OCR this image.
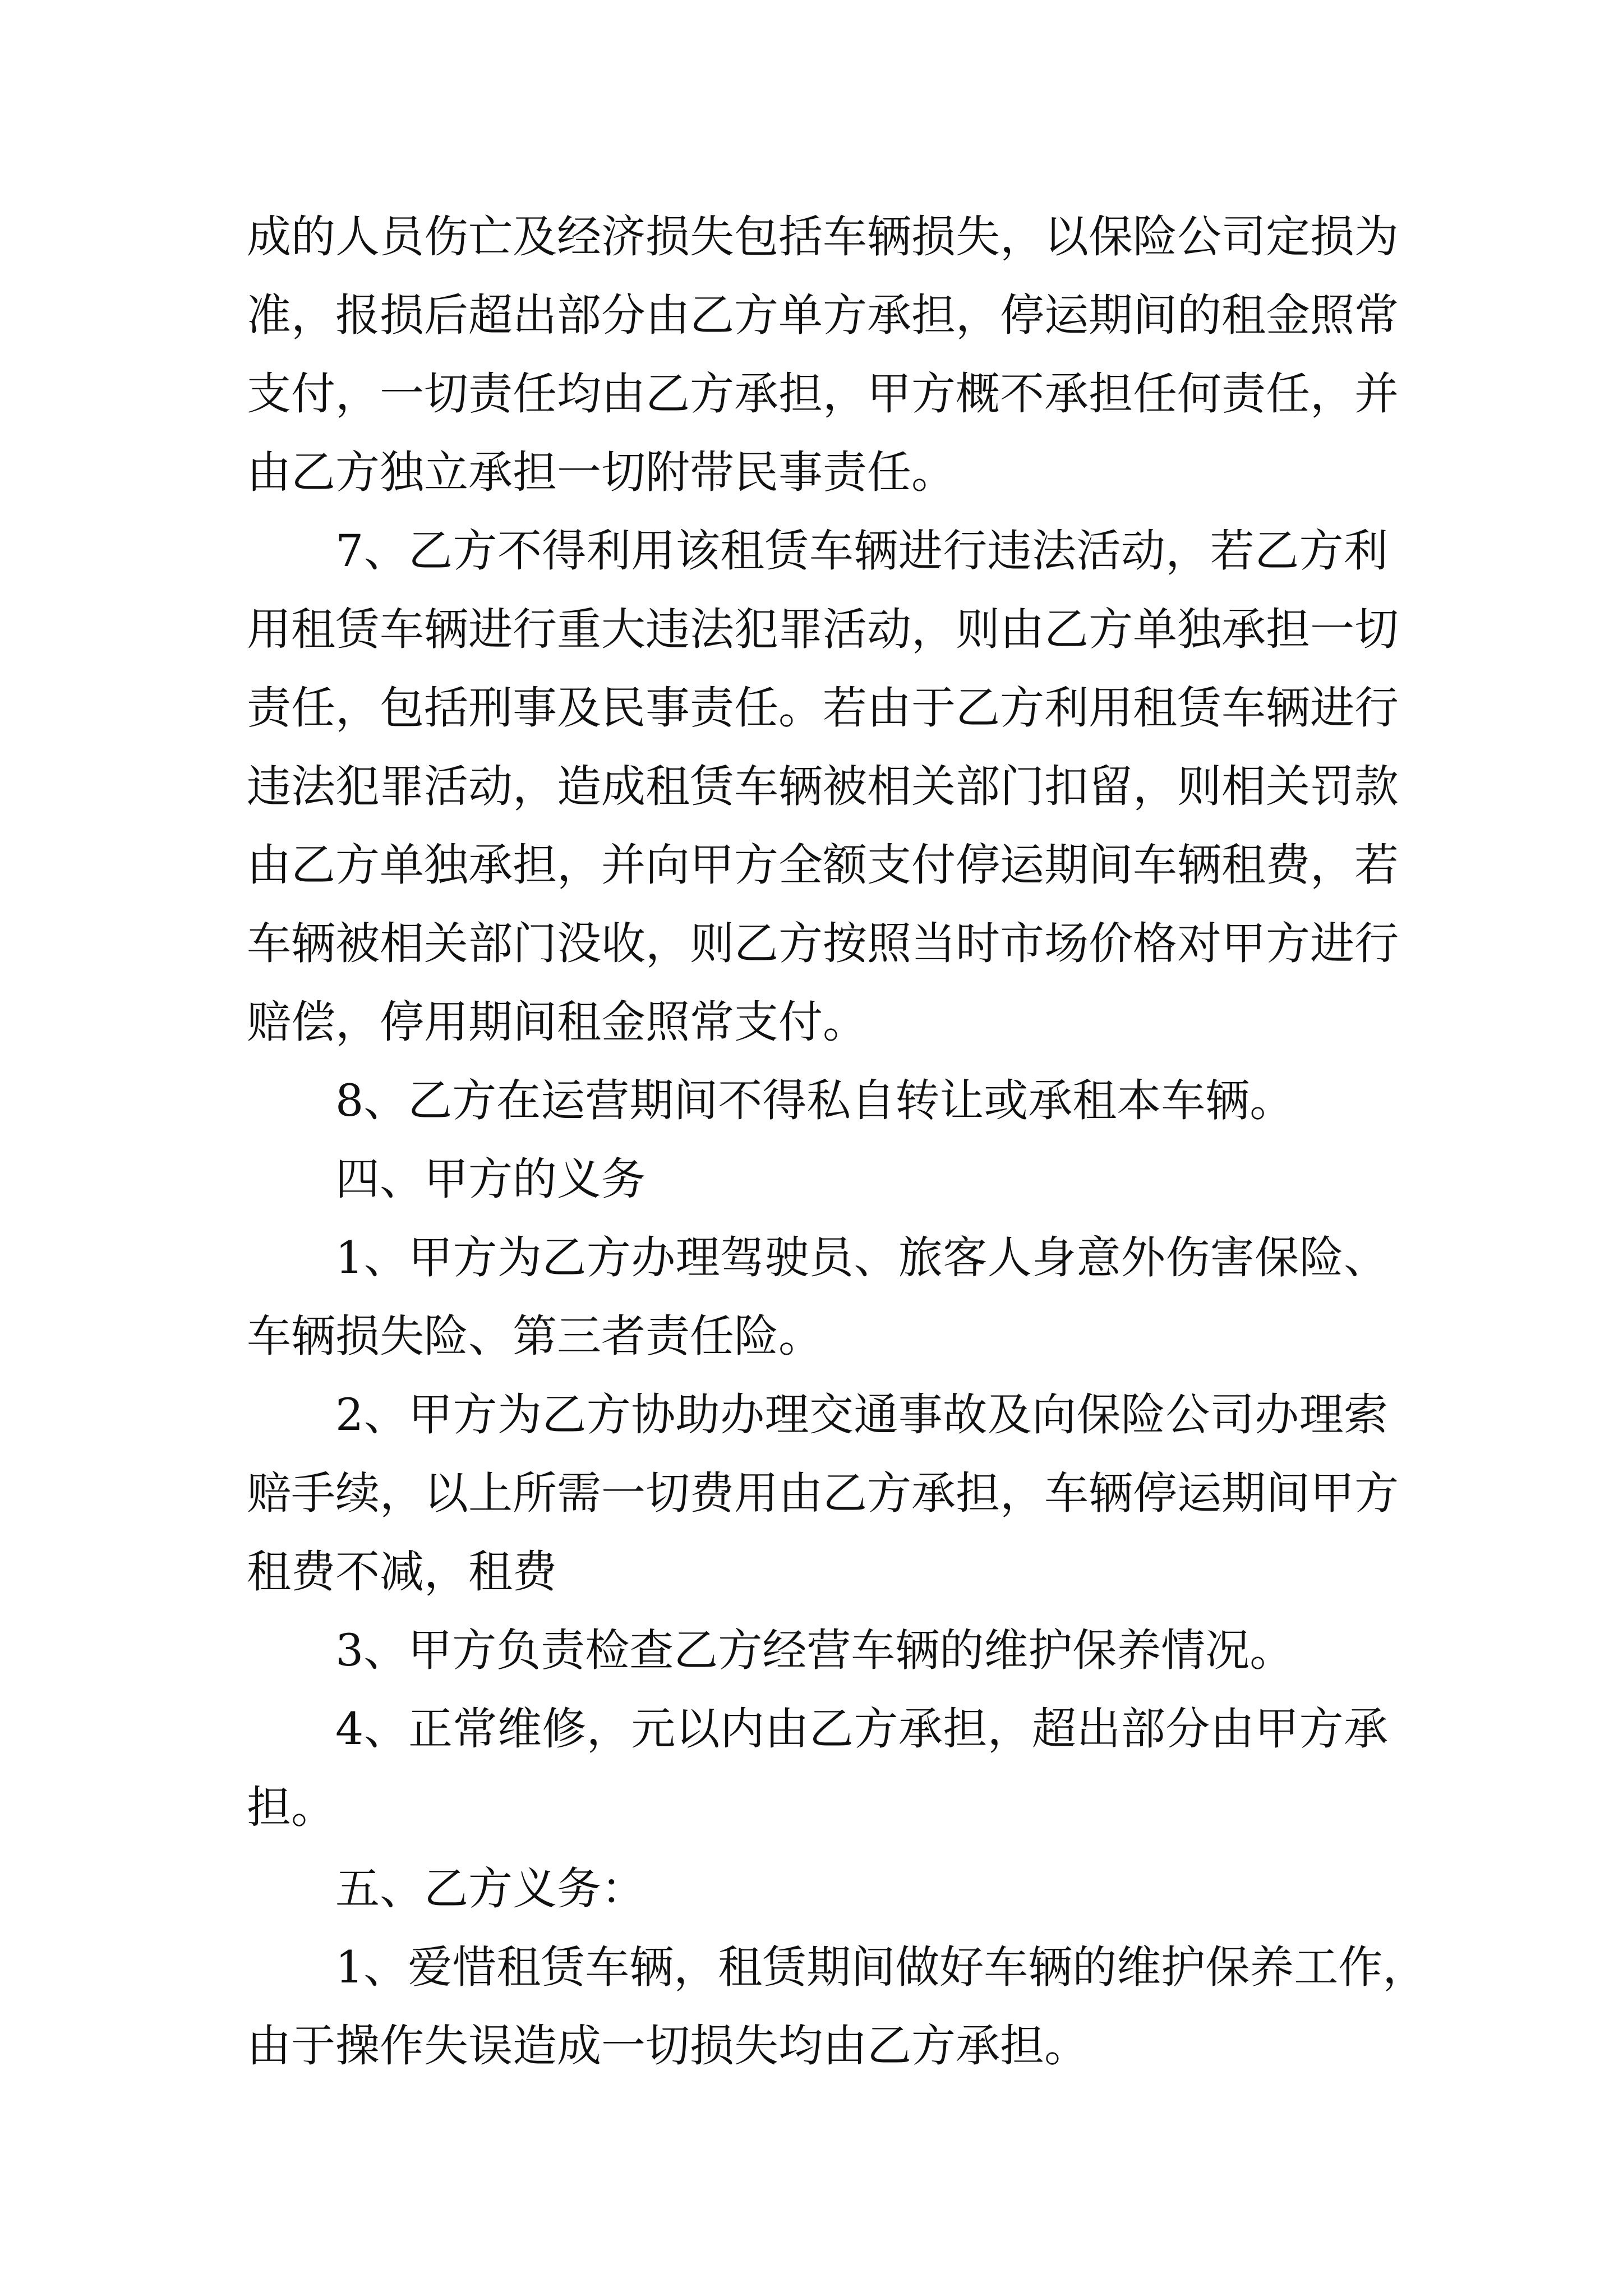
成的人员伤亡及经济损失包括车辆损失，以保险公司定损为
准，报损后超出部分由乙方单方承担，停运期间的租金照常
支付，一切责任均由乙方承担，甲方概不承担任何责任，并
由乙方独立承担一切附带民事责任。
7、乙方不得利用该租赁车辆进行违法活动，若乙方利
用租赁车辆进行重大违法犯罪活动，则由乙方单独承担一切
责任，包括刑事及民事责任。若由于乙方利用租赁车辆进行
违法犯罪活动，造成租赁车辆被相关部门扣留，则相关罚款
由乙方单独承担，并向甲方全额支付停运期间车辆租费，若
车辆被相关部门没收，则乙方按照当时市场价格对甲方进行
赔偿，停用期间租金照常支付。
8、乙方在运营期间不得私自转让或承租本车辆。
四、甲方的义务
1、甲方为乙方办理驾驶员、旅客人身意外伤害保险、
车辆损失险、第三者责任险。
2、甲方为乙方协助办理交通事故及向保险公司办理索
赔手续，以上所需一切费用由乙方承担，车辆停运期间甲方
租费不减，租费
3、甲方负责检查乙方经营车辆的维护保养情况。
4、正常维修，元以内由乙方承担，超出部分由甲方承
担。
五、乙方义务：
1、爱惜租赁车辆，租赁期间做好车辆的维护保养工作，
由于操作失误造成一切损失均由乙方承担。
